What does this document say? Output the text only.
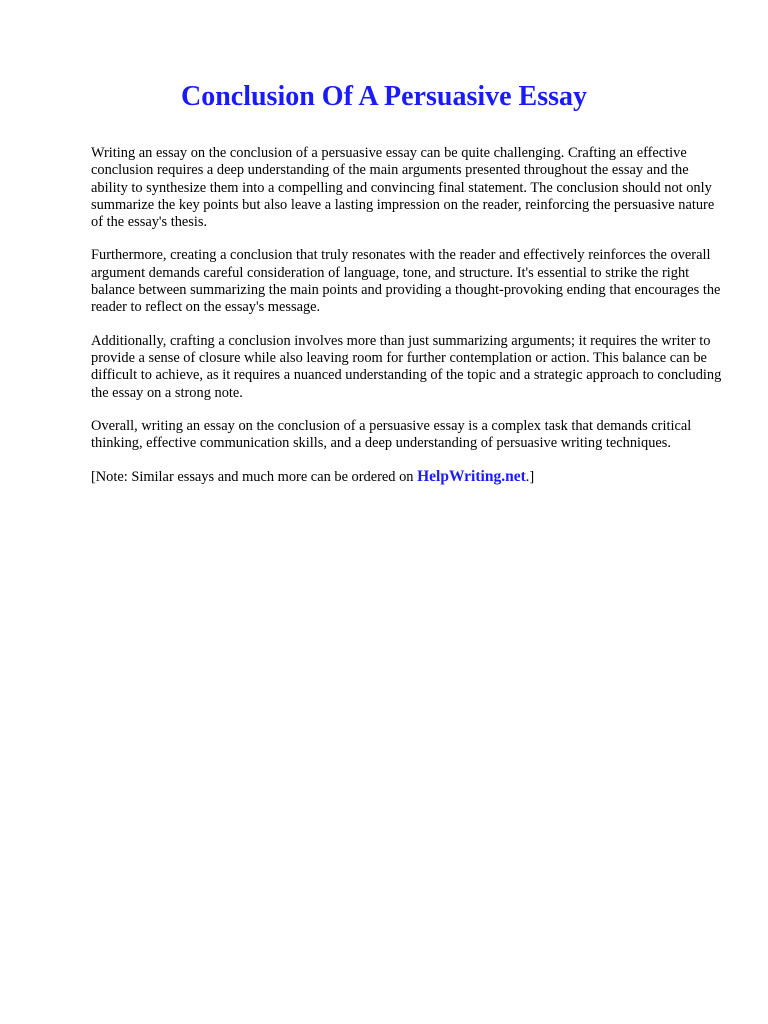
Conclusion Of A Persuasive Essay

Writing an essay on the conclusion of a persuasive essay can be quite challenging. Crafting an effective conclusion requires a deep understanding of the main arguments presented throughout the essay and the ability to synthesize them into a compelling and convincing final statement. The conclusion should not only summarize the key points but also leave a lasting impression on the reader, reinforcing the persuasive nature of the essay's thesis.

Furthermore, creating a conclusion that truly resonates with the reader and effectively reinforces the overall argument demands careful consideration of language, tone, and structure. It's essential to strike the right balance between summarizing the main points and providing a thought-provoking ending that encourages the reader to reflect on the essay's message.

Additionally, crafting a conclusion involves more than just summarizing arguments; it requires the writer to provide a sense of closure while also leaving room for further contemplation or action. This balance can be difficult to achieve, as it requires a nuanced understanding of the topic and a strategic approach to concluding the essay on a strong note.

Overall, writing an essay on the conclusion of a persuasive essay is a complex task that demands critical thinking, effective communication skills, and a deep understanding of persuasive writing techniques.

[Note: Similar essays and much more can be ordered on HelpWriting.net.]
